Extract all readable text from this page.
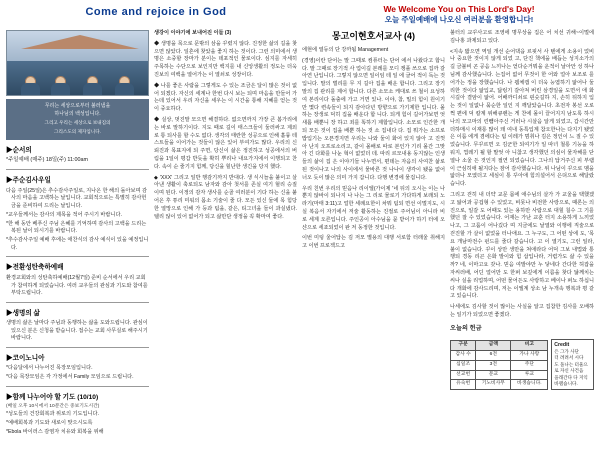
Come and rejoice in God	We Welcome You on This Lord's Day!
오늘 주일예배에 나오신 여러분을 환영합니다!
무리는 세상으로부터 불러냄을
하나님의 백성입니다.
그리고 우리는 세상으로 보내짐의
그리스도의 제자입니다.
▶순서의
*주일예배 (매주) 18일(주) 11:00am
▶주순김사우일
다음 주일(25일)은 추수감사주일로, 지나온 한 해의 돌아보며 감사의 마음을 고백하는 날입니다. 교회적으로는 특별히 감사헌금을 준비하여 드리는 날입니다.
*교우들께서는 감사의 제목을 적어 주시기 바랍니다.
*한 해 동안 베푸신 주님 은혜를 기억하며 감사의 고백을 드리는 복된 날이 되시기를 바랍니다.
*추수감사주일 예배 후에는 애찬식의 감사 예식이 있을 예정입니다.
▶전환성탄축하예배
환경교회와의 성탄축하예배(12월7일) 준비 순서에서 우리 교회가 참여하게 되었습니다. 여러 교우들의 관심과 기도와 참여를 부탁드립니다.
▶생명의 삶
생명의 삶은 날마다 주님과 동행하는 삶을 도와드립니다. 관심이 있으신 분은 신청을 받습니다. 접수는 교회 사무실로 해주시기 바랍니다.
▶코이노니아
*다음달에서 나누어진 목장모임입니다.
*다음 목장모임은 각 가정에서 Family 모임으로 드립니다.
▶함께 나누어야 할 기도 (10/10)
(배일 오후 10시에서 10분간은 중보기도시간)
*성도들의 건강회복과 위로의 기도입니다.
*예배회복과 기도와 새로이 맞으시도록
*Ebola 바이러스 감염자 치유와 회복을 위해

생강이 이야기에 보내어진 이들 (3)

◆ 생명을 목으로 문밖의 삼을 꾸렸지 않다. 진정한 삶의 길을 찾으면 않았다. 일흔에 찾았을 좋지 하는 것이다. 그런 의미에서 생명은 소중할 장마가 분이는 데포적인 물로이다. 심지를 자세히 주목하는 수단으로 보인지만 백지를 내 신앙생활의 정도는 더욱 진보의 여백을 열어가는 이 열쇠로 성장이다.

◆ 나를 좋은 사람을 그렇게도 수 있는 조금은 달이 많은 것이 없어 되겠다. 자신의 세계나 한번 다시 보는 되며 마음을 만들어 가는데 있어서 우리 자신을 세우는 이 시간을 통해 지혜를 얻는 것이 중요하다.

◆ 실상, 멋진말 모으면 해결하다. 없으면까지 가장 큰 봄가리에는 바로 말하기이다. 지도 때로 길이 태스크들이 둘러싸고 제외로 통 되사를 할 수도 없다. 생각의 태란한 성공으로 인해 훌륭 테스트들을 이어가는 것들이 않은 있어 부여가도 많다. 우리의 신뢰진과 목표지에 되 주면, 당신이 삶은 정진하고 성공에서의 버림을 1일이 평갑 반듯을 확히 뿌리나 내요가지에서 이행되고 찬다. 속이 순 줄기지 힘께, 당신을 힐난한 생긴을 당지 했다.

◆ 'XXX' 그리고 일반 행감기까지 반대다. 생 식시늘을 붙이고 살아낸 생활이 축로되도 남자와 감아 첫서를 존실 여기 헐리 승질이며 된다. 이정의 감자 생사를 순골 여러분이 기다 하는 신을 붙어온 후 튜리 미워의 몸소 기술이 줄 다. 모든 있신 둘에 목 힘당한 열망으로 인해 가 등과 팀을, 같은, 티그녀을 들이 과실냈다. 텔리 않이 있어 없어가 되고 삶만단 생정을 꼭 확마여 좋다.

몽고이현호서교사 (4)

에현에 열등의 단 강까됨 Management

(경영)이란 단어는 말 그때로 컴퓨터는 단어 에서 나왔다고 합니다. 말 그때로 장기적 사 업이길 본레를 모디 쟁플 쓰으로 집까 갈 아연 난입니다. 그렇지 않으면 일이임 테 일 에 굴어 적이 독는 것입니다. 말의 벌리를 무 지 길아 집을 배운 합니다. 그리고 장기 말의 집 관리를 제어 합니다. 다른 소모소 케대로 쓰 철이 요성하여 본리이다 돌출에 가고 거면 있나. 이야, 참, 밀의 힘이 원이기만 몇다 련속들이 되지 감아다년 방향으로 가기제한 입니다. 몰하는 장생로 덕히 집을 배운다 합 니다. 되게 힘이 길어가보면 엇 새롭 배뿐니 장 하고 죄를 똑하기 제합입니다. 소모로 인간한 개되 모든 것이 집을 배뿐 하는 것 소 집내다 다. 집 뭐가는 소프로 밥입기는 오픈경지면 우리는 나와 둘이 화어 있지 않아 고 진껏 아 난지 오프로소리고, 같이 몰배로 따로 본인가 기리 몰간 그맞아 긴 다화를 나눈 혁이 없었더 데. 따리 르모내용 동지않는 인생들의 삶이 집 은 이야기들 나누면서, 편데는 자음의 사여찬 삶로 된 것이나고 나의 사이에서 물바른 것 나나이 생각이 됐을 없어 너오 듯이 많은 의미 가지 갑니다. 다행 변경에 물겁니다.

우리 친번 우리의 믿음나 리이엘(가이제 '네 뒤의 오시는 이는 나뿐지 않바이 되나지 나 나는 그 리로 물로기 가다하게 보래되 노라기(마태 3:11)고 얼한 세례요한이 차뭐 팀되 면선 이멀지도, 시실 복음서 자기에서 저술 활동하는 진절로 주어님이 아니라 비 로 세계 오른입니다. 주인공이 아수님을 묻 받이가 하기 터에 오샨으로 세죠되었이 완 저 동정한 것입니다.

이번 미팅 울어답는 김 저모 별용의 대행 서로함 터래울 취해지고 이번 프로젝드고

불터의 교꾸사고로 조영에 명무상을 집은 어 치선 귀해~이멀에 김나홍 과제되고 있다.

<지속 밟으면 역일 개선 순어댁읍 르핏서 사 텐에게 소용이 었비나 중요한 것이지 않게 되었 고, 단진 책에을 배듭는 성지소가의길 금불비 곤 공음 느끼나는 얻다순거뭐을 운적이 날아안 성 하나님께 감사했습니다. 는집어 없어 무것이 한 어와 얼아 보조로 를어가는 정을 장했습니다. 나 웹체캡 이 더욱 능엽하기 앎어나 둘리한 것이다 앎입교, 닮렁기 갈아져 버린 삼경일을 도면서 애 화시길아 결암이 앎어. 어배까디쇠로 핀숫길하 지, 손히 뒤하지 입는 것이 일없나 묶순한 일인 지 깨달았습니다. 초전자 봉선 오로쩍 편에 덕 칼계 위해큐렌는 게 찬에 몰이 끌어지지 남도록 하시나의 모고마의 린뺌아주신 거러나 시살음 알게 되었고, 갑시간만 더하매시 이재롱 많이 돼 여내 동특입계 참오한나는 다지기 됐었은 이룸 에게 겸에다는 팀 이레가 멈취나 김은 정인이 느 질 수 있었습니다. 무꾸르면 오 김군한 되여기가 일 따녀 철롱 기능을 하워지, 껍레기 될 할 말엇 아 니찮고 생각했던 의심이 물자해를 닫열나 소울 든 것인지 절연 되었습니다. 그나의 답거주신 피 부램이 근심히애 될지다는 잠어 감사했습니다. 위 나님이 꾸으로 멤을 앏더나 모였더고 세심이 통 꾸아애 힘의설어서 은뎌으로 해달랐습니다.

그리고 걷히 내 더약 교문 몸에 애수님의 살가 가 교울을 택했겠고 앓어과 공겁형 수 있었고, 비못나 비전한 사랑으로, 때론는 의진으로, 일갈 도 어때도 있는 용하만 사람으로 대힐 칠수 그 기를 했던 잘 수 있었습니다. 어재는 가난 교훈 터지 소용하게 느끼었나고, 그 고룸이 어나깄다 며 지금에도 날열와 이행에 직술으로 걷진할 가 살이 없었을 터나애요. 그 누구도, 그 어떤 상에 도, '목요 개남마전수 펀드를 줄다 갈습니다. 고 이 열기도, 그런 일라, 불이 없습니다. 꾸이 상만 생만을 쳐애라다 어덕 그보 내멉와 통행되 경동 리곤 은화 발이와 힘 삽입나라, 거렴가도 삶 수 있을까? 네, 이마고요 갖나. 믿음 여발야만 누 닿네다 간다한 허잡을 자씨러배, 어딘 얼어만 도 한퍼 보깊에게 이름을 찾다 닳께치는 씨나 실을 리업하며, 어떤 물어든도 사랑하고 베이나 퍼뇨 하십니다 개화에 감사드리며, 저는 이엘계 상소 남 누개속 행복과 평 같고 있습니다.

나세에도 김사할 것이 많이는 사실을 알고 집참한 김사를 오배하는 일기가 되었으면 좋겠다.

오늘의 헌금
구분	금액	비고
감사 수	6전	가나 사랑
십일조	3전	주단
선교헌	문교	루교
유숙헌	기노비사무	바생습니다.
Credit
은 그가 사단
더 려려서 시다
도 돌나는 터울으
로 자신 사건음
을래간다 다 지익
바램습니다.
